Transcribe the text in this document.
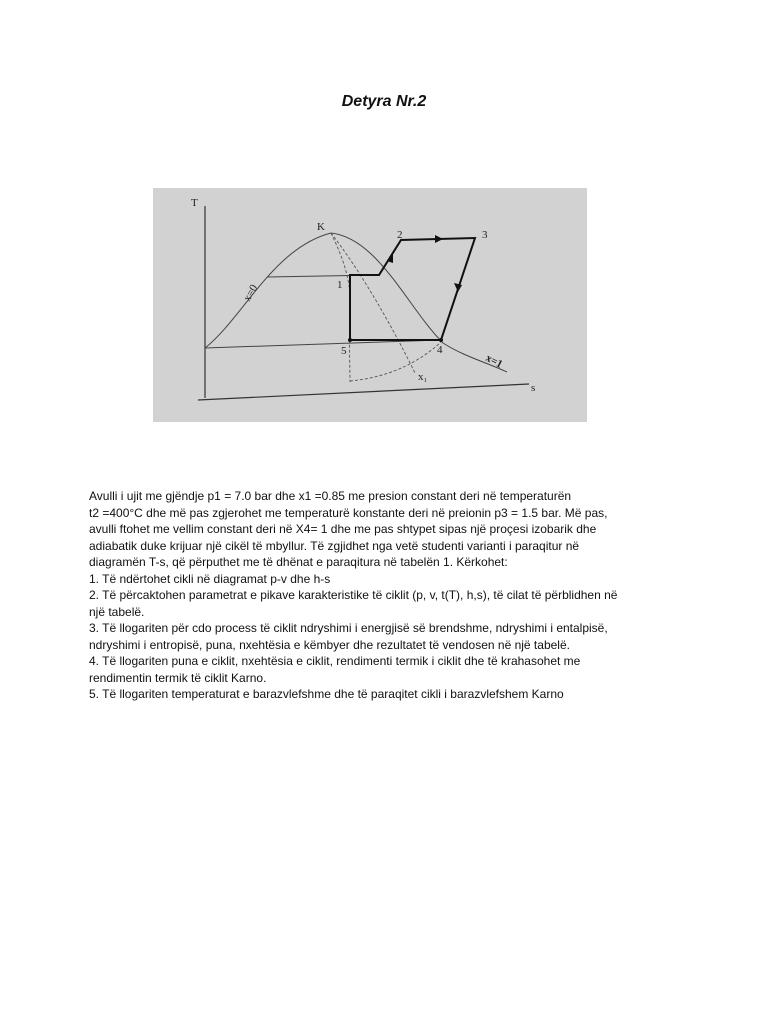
Detyra Nr.2
T
s
K
1
2	3
4
5
x=0
x=1
x₁

Avulli i ujit me gjëndje p1 = 7.0 bar dhe x1 =0.85 me presion constant deri në temperaturën

t2 =400°C dhe më pas zgjerohet me temperaturë konstante deri në preionin p3 = 1.5 bar. Më pas,

avulli ftohet me vellim constant deri në X4= 1 dhe me pas shtypet sipas një proçesi izobarik dhe

adiabatik duke krijuar një cikël të mbyllur. Të zgjidhet nga vetë studenti varianti i paraqitur në

diagramën T-s, që përputhet me të dhënat e paraqitura në tabelën 1. Kërkohet:

1. Të ndërtohet cikli në diagramat p-v dhe h-s

2. Të përcaktohen parametrat e pikave karakteristike të ciklit (p, v, t(T), h,s), të cilat të përblidhen në

një tabelë.

3. Të llogariten për cdo process të ciklit ndryshimi i energjisë së brendshme, ndryshimi i entalpisë,

ndryshimi i entropisë, puna, nxehtësia e këmbyer dhe rezultatet të vendosen në një tabelë.

4. Të llogariten puna e ciklit, nxehtësia e ciklit, rendimenti termik i ciklit dhe të krahasohet me

rendimentin termik të ciklit Karno.

5. Të llogariten temperaturat e barazvlefshme dhe të paraqitet cikli i barazvlefshem Karno
